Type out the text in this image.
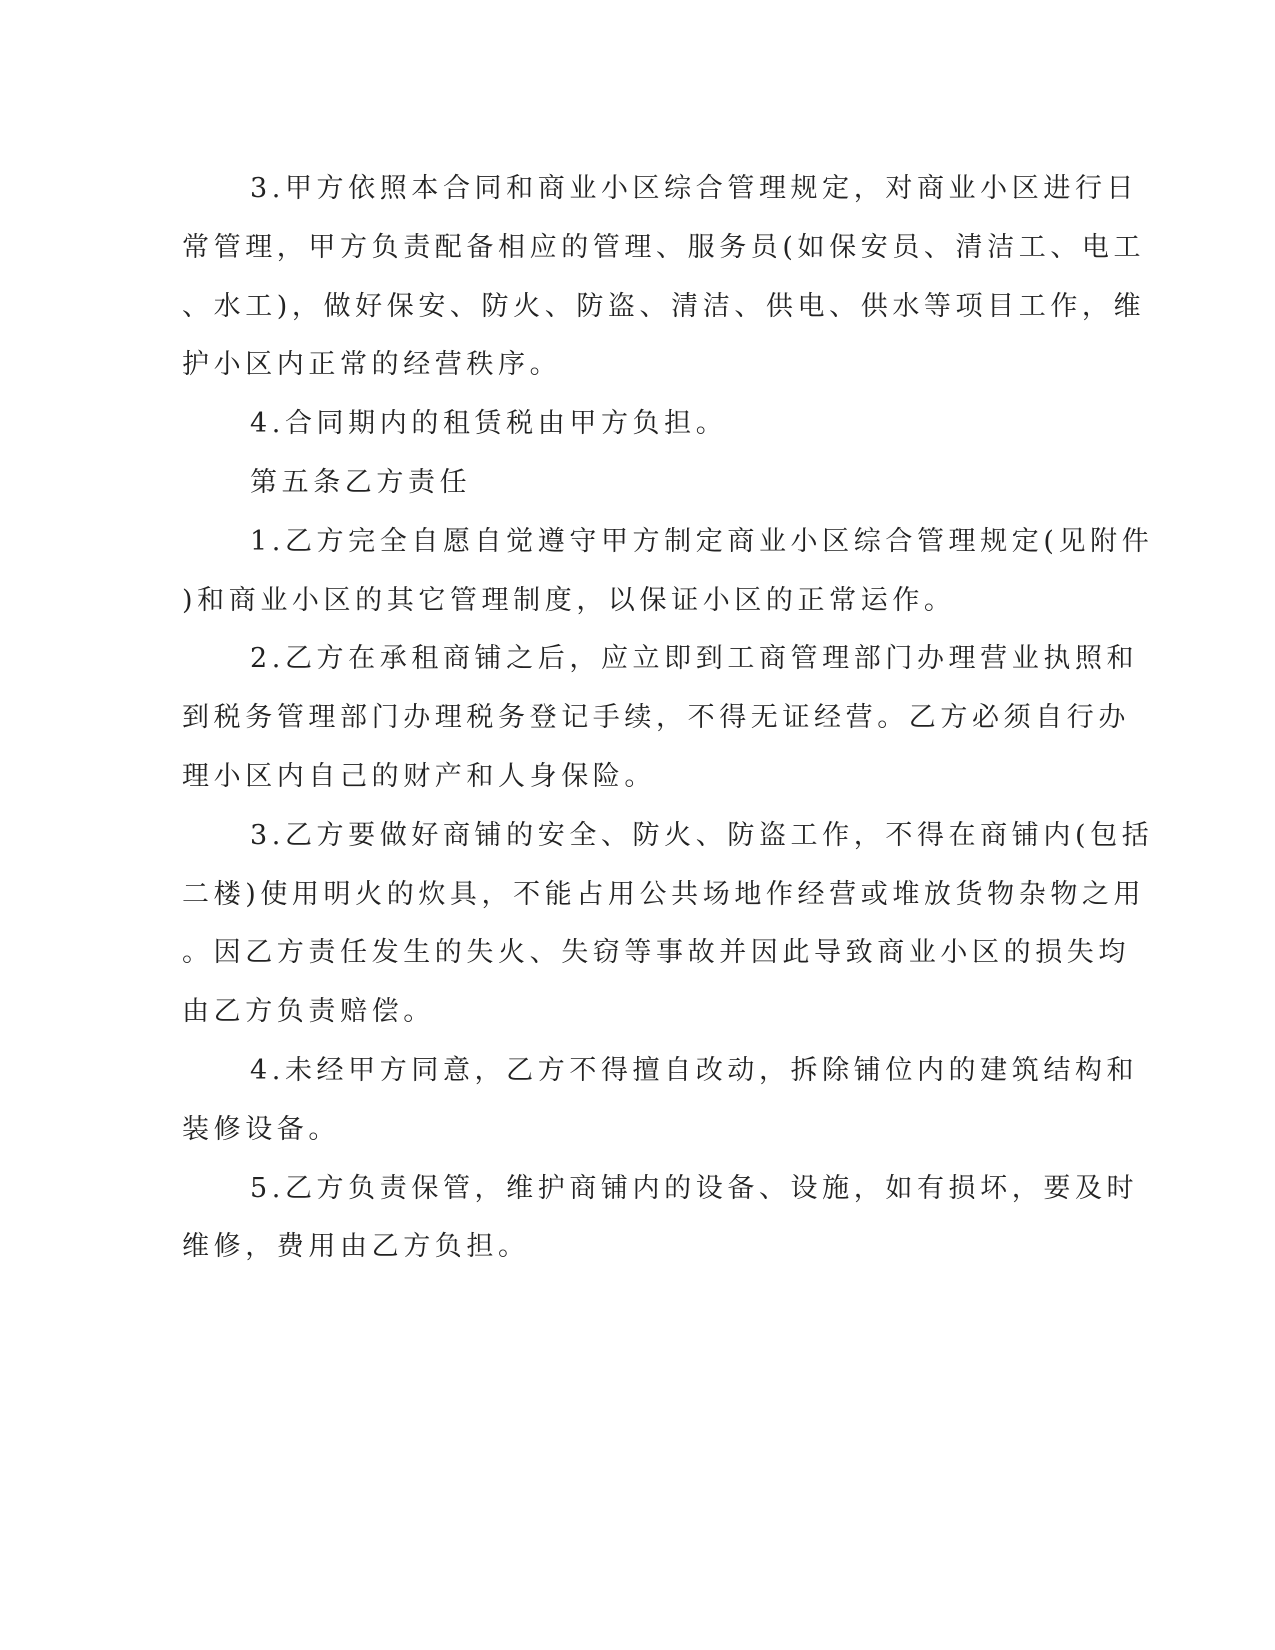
3.甲方依照本合同和商业小区综合管理规定，对商业小区进行日
常管理，甲方负责配备相应的管理、服务员(如保安员、清洁工、电工
、水工)，做好保安、防火、防盗、清洁、供电、供水等项目工作，维
护小区内正常的经营秩序。

4.合同期内的租赁税由甲方负担。

第五条乙方责任

1.乙方完全自愿自觉遵守甲方制定商业小区综合管理规定(见附件
)和商业小区的其它管理制度，以保证小区的正常运作。

2.乙方在承租商铺之后，应立即到工商管理部门办理营业执照和
到税务管理部门办理税务登记手续，不得无证经营。乙方必须自行办
理小区内自己的财产和人身保险。

3.乙方要做好商铺的安全、防火、防盗工作，不得在商铺内(包括
二楼)使用明火的炊具，不能占用公共场地作经营或堆放货物杂物之用
。因乙方责任发生的失火、失窃等事故并因此导致商业小区的损失均
由乙方负责赔偿。

4.未经甲方同意，乙方不得擅自改动，拆除铺位内的建筑结构和
装修设备。

5.乙方负责保管，维护商铺内的设备、设施，如有损坏，要及时
维修，费用由乙方负担。
